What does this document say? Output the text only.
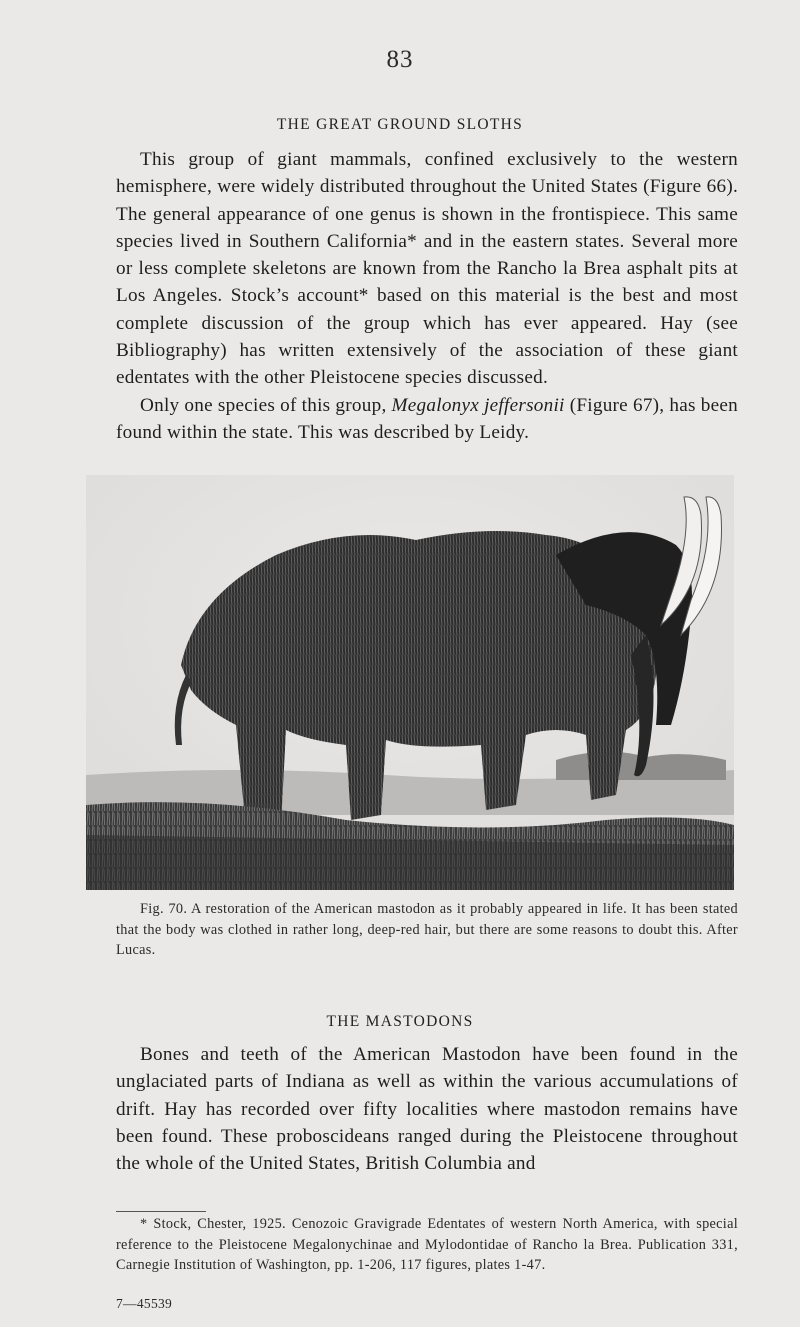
83
THE GREAT GROUND SLOTHS

This group of giant mammals, confined exclusively to the western hemisphere, were widely distributed throughout the United States (Figure 66). The general appearance of one genus is shown in the frontispiece. This same species lived in Southern California* and in the eastern states. Several more or less complete skeletons are known from the Rancho la Brea asphalt pits at Los Angeles. Stock’s account* based on this material is the best and most complete discussion of the group which has ever appeared. Hay (see Bibliography) has written extensively of the association of these giant edentates with the other Pleistocene species discussed.

Only one species of this group, Megalonyx jeffersonii (Figure 67), has been found within the state. This was described by Leidy.

Fig. 70. A restoration of the American mastodon as it probably appeared in life. It has been stated that the body was clothed in rather long, deep-red hair, but there are some reasons to doubt this. After Lucas.

THE MASTODONS

Bones and teeth of the American Mastodon have been found in the unglaciated parts of Indiana as well as within the various accumulations of drift. Hay has recorded over fifty localities where mastodon remains have been found. These proboscideans ranged during the Pleistocene throughout the whole of the United States, British Columbia and

* Stock, Chester, 1925. Cenozoic Gravigrade Edentates of western North America, with special reference to the Pleistocene Megalonychinae and Mylodontidae of Rancho la Brea. Publication 331, Carnegie Institution of Washington, pp. 1-206, 117 figures, plates 1-47.

7—45539
